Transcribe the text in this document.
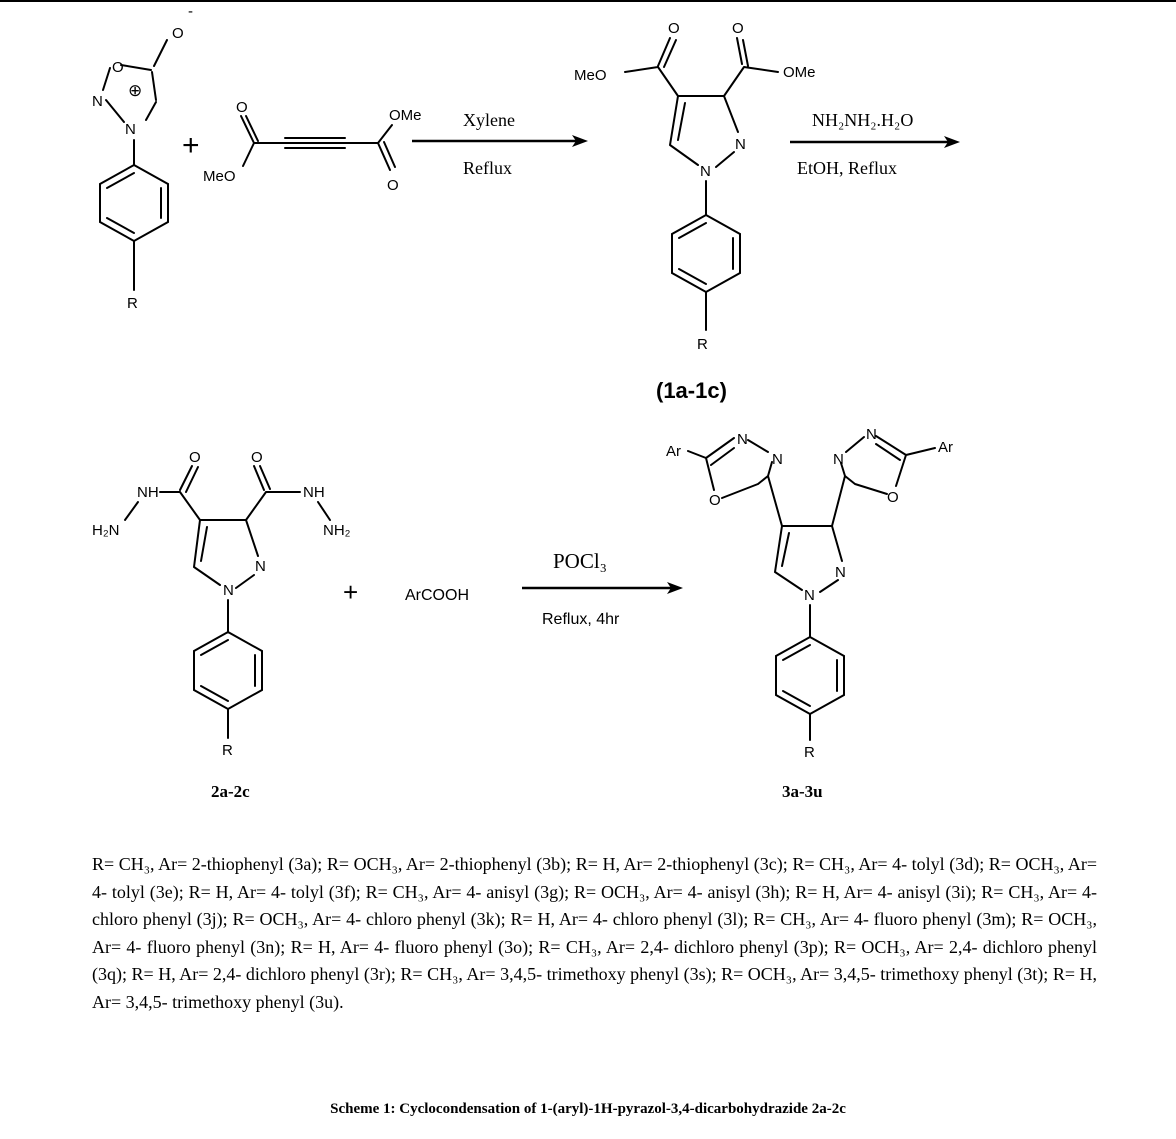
-
O
O
N
N
⊕
R
+
O
MeO
OMe
O
Xylene
Reflux
O	O
MeO	OMe
N
N
R
(1a-1c)
NH₂NH₂.H₂O
EtOH, Reflux
O	O
NH	NH
H₂N	NH₂
N
N
R
2a-2c
+	ArCOOH
POCl₃
Reflux, 4hr
Ar	Ar
N
N
N
N
O	O
N
N
R
3a-3u

R= CH₃, Ar= 2-thiophenyl (3a); R= OCH₃, Ar= 2-thiophenyl (3b); R= H, Ar= 2-thiophenyl (3c); R= CH₃, Ar= 4- tolyl (3d); R= OCH₃, Ar= 4- tolyl (3e); R= H, Ar= 4- tolyl (3f); R= CH₃, Ar= 4- anisyl (3g); R= OCH₃, Ar= 4- anisyl (3h); R= H, Ar= 4- anisyl (3i); R= CH₃, Ar= 4- chloro phenyl (3j); R= OCH₃, Ar= 4- chloro phenyl (3k); R= H, Ar= 4- chloro phenyl (3l); R= CH₃, Ar= 4- fluoro phenyl (3m); R= OCH₃, Ar= 4- fluoro phenyl (3n); R= H, Ar= 4- fluoro phenyl (3o); R= CH₃, Ar= 2,4- dichloro phenyl (3p); R= OCH₃, Ar= 2,4- dichloro phenyl (3q); R= H, Ar= 2,4- dichloro phenyl (3r); R= CH₃, Ar= 3,4,5- trimethoxy phenyl (3s); R= OCH₃, Ar= 3,4,5- trimethoxy phenyl (3t); R= H, Ar= 3,4,5- trimethoxy phenyl (3u).

Scheme 1: Cyclocondensation of 1-(aryl)-1H-pyrazol-3,4-dicarbohydrazide 2a-2c
